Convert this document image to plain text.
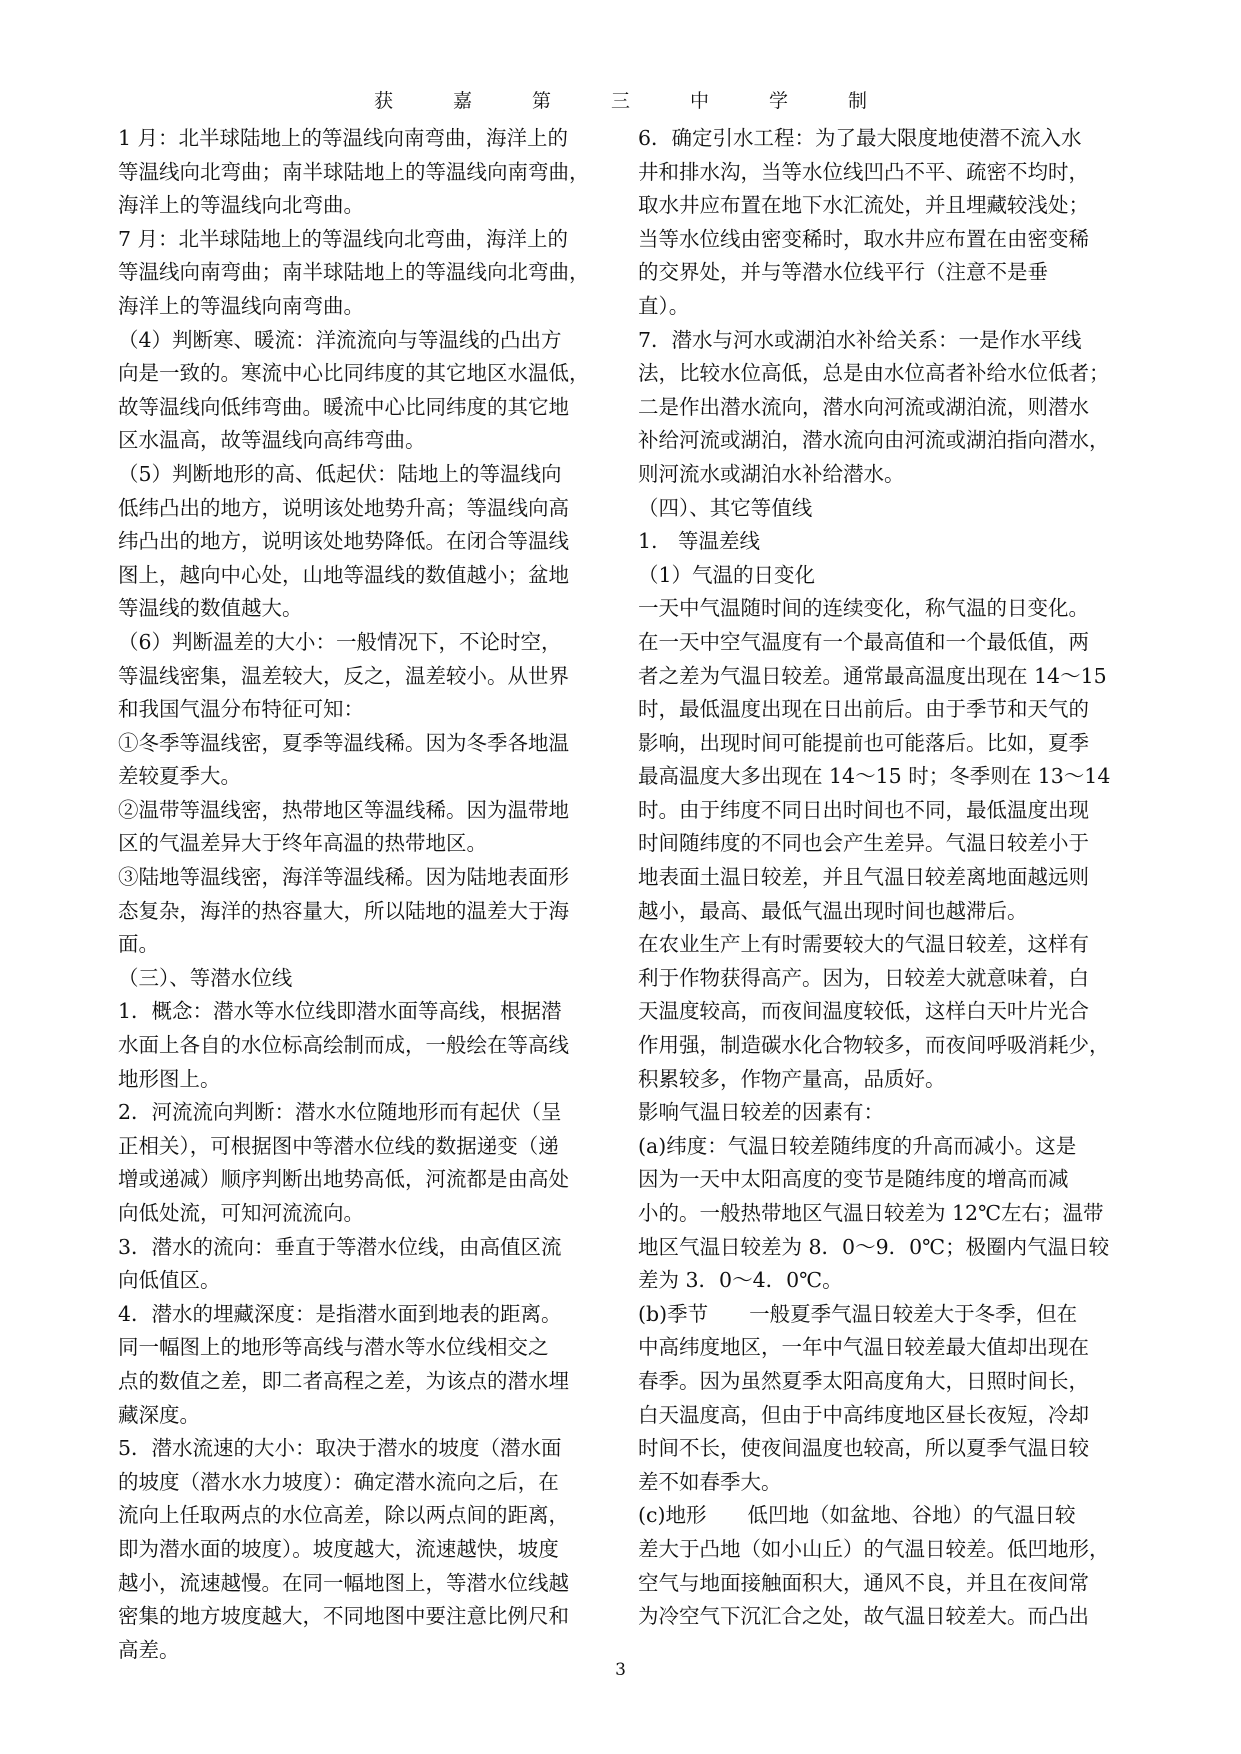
获	嘉	第	三	中	学	制

1 月：北半球陆地上的等温线向南弯曲，海洋上的

等温线向北弯曲；南半球陆地上的等温线向南弯曲，

海洋上的等温线向北弯曲。

7 月：北半球陆地上的等温线向北弯曲，海洋上的

等温线向南弯曲；南半球陆地上的等温线向北弯曲，

海洋上的等温线向南弯曲。

（4）判断寒、暖流：洋流流向与等温线的凸出方

向是一致的。寒流中心比同纬度的其它地区水温低，

故等温线向低纬弯曲。暖流中心比同纬度的其它地

区水温高，故等温线向高纬弯曲。

（5）判断地形的高、低起伏：陆地上的等温线向

低纬凸出的地方，说明该处地势升高；等温线向高

纬凸出的地方，说明该处地势降低。在闭合等温线

图上，越向中心处，山地等温线的数值越小；盆地

等温线的数值越大。

（6）判断温差的大小：一般情况下，不论时空，

等温线密集，温差较大，反之，温差较小。从世界

和我国气温分布特征可知：

①冬季等温线密，夏季等温线稀。因为冬季各地温

差较夏季大。

②温带等温线密，热带地区等温线稀。因为温带地

区的气温差异大于终年高温的热带地区。

③陆地等温线密，海洋等温线稀。因为陆地表面形

态复杂，海洋的热容量大，所以陆地的温差大于海

面。

（三）、等潜水位线

1．概念：潜水等水位线即潜水面等高线，根据潜

水面上各自的水位标高绘制而成，一般绘在等高线

地形图上。

2．河流流向判断：潜水水位随地形而有起伏（呈

正相关），可根据图中等潜水位线的数据递变（递

增或递减）顺序判断出地势高低，河流都是由高处

向低处流，可知河流流向。

3．潜水的流向：垂直于等潜水位线，由高值区流

向低值区。

4．潜水的埋藏深度：是指潜水面到地表的距离。

同一幅图上的地形等高线与潜水等水位线相交之

点的数值之差，即二者高程之差，为该点的潜水埋

藏深度。

5．潜水流速的大小：取决于潜水的坡度（潜水面

的坡度（潜水水力坡度）：确定潜水流向之后，在

流向上任取两点的水位高差，除以两点间的距离，

即为潜水面的坡度）。坡度越大，流速越快，坡度

越小，流速越慢。在同一幅地图上，等潜水位线越

密集的地方坡度越大，不同地图中要注意比例尺和

高差。

6．确定引水工程：为了最大限度地使潜不流入水

井和排水沟，当等水位线凹凸不平、疏密不均时，

取水井应布置在地下水汇流处，并且埋藏较浅处；

当等水位线由密变稀时，取水井应布置在由密变稀

的交界处，并与等潜水位线平行（注意不是垂

直）。

7．潜水与河水或湖泊水补给关系：一是作水平线

法，比较水位高低，总是由水位高者补给水位低者；

二是作出潜水流向，潜水向河流或湖泊流，则潜水

补给河流或湖泊，潜水流向由河流或湖泊指向潜水，

则河流水或湖泊水补给潜水。

（四）、其它等值线

1.　等温差线

（1）气温的日变化

一天中气温随时间的连续变化，称气温的日变化。

在一天中空气温度有一个最高值和一个最低值，两

者之差为气温日较差。通常最高温度出现在 14～15

时，最低温度出现在日出前后。由于季节和天气的

影响，出现时间可能提前也可能落后。比如，夏季

最高温度大多出现在 14～15 时；冬季则在 13～14

时。由于纬度不同日出时间也不同，最低温度出现

时间随纬度的不同也会产生差异。气温日较差小于

地表面土温日较差，并且气温日较差离地面越远则

越小，最高、最低气温出现时间也越滞后。

在农业生产上有时需要较大的气温日较差，这样有

利于作物获得高产。因为，日较差大就意味着，白

天温度较高，而夜间温度较低，这样白天叶片光合

作用强，制造碳水化合物较多，而夜间呼吸消耗少，

积累较多，作物产量高，品质好。

影响气温日较差的因素有：

(a)纬度：气温日较差随纬度的升高而减小。这是

因为一天中太阳高度的变节是随纬度的增高而减

小的。一般热带地区气温日较差为 12℃左右；温带

地区气温日较差为 8．0～9．0℃；极圈内气温日较

差为 3．0～4．0℃。

(b)季节　　一般夏季气温日较差大于冬季，但在

中高纬度地区，一年中气温日较差最大值却出现在

春季。因为虽然夏季太阳高度角大，日照时间长，

白天温度高，但由于中高纬度地区昼长夜短，冷却

时间不长，使夜间温度也较高，所以夏季气温日较

差不如春季大。

(c)地形　　低凹地（如盆地、谷地）的气温日较

差大于凸地（如小山丘）的气温日较差。低凹地形，

空气与地面接触面积大，通风不良，并且在夜间常

为冷空气下沉汇合之处，故气温日较差大。而凸出

3
